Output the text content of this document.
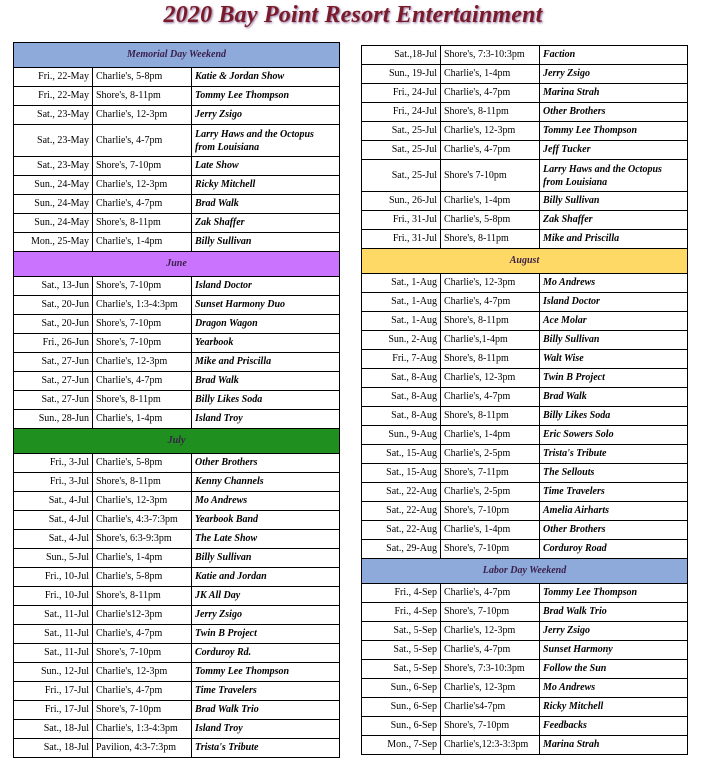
2020 Bay Point Resort Entertainment
Memorial Day Weekend		
Fri., 22-May	Charlie's, 5-8pm	Katie & Jordan Show
Fri., 22-May	Shore's, 8-11pm	Tommy Lee Thompson
Sat., 23-May	Charlie's, 12-3pm	Jerry Zsigo
Sat., 23-May	Charlie's, 4-7pm	Larry Haws and the Octopus from Louisiana
Sat., 23-May	Shore's, 7-10pm	Late Show
Sun., 24-May	Charlie's, 12-3pm	Ricky Mitchell
Sun., 24-May	Charlie's, 4-7pm	Brad Walk
Sun., 24-May	Shore's, 8-11pm	Zak Shaffer
Mon., 25-May	Charlie's, 1-4pm	Billy Sullivan
June		
Sat., 13-Jun	Shore's, 7-10pm	Island Doctor
Sat., 20-Jun	Charlie's, 1:3-4:3pm	Sunset Harmony Duo
Sat., 20-Jun	Shore's, 7-10pm	Dragon Wagon
Fri., 26-Jun	Shore's, 7-10pm	Yearbook
Sat., 27-Jun	Charlie's, 12-3pm	Mike and Priscilla
Sat., 27-Jun	Charlie's, 4-7pm	Brad Walk
Sat., 27-Jun	Shore's, 8-11pm	Billy Likes Soda
Sun., 28-Jun	Charlie's, 1-4pm	Island Troy
July		
Fri., 3-Jul	Charlie's, 5-8pm	Other Brothers
Fri., 3-Jul	Shore's, 8-11pm	Kenny Channels
Sat., 4-Jul	Charlie's, 12-3pm	Mo Andrews
Sat., 4-Jul	Charlie's, 4:3-7:3pm	Yearbook Band
Sat., 4-Jul	Shore's, 6:3-9:3pm	The Late Show
Sun., 5-Jul	Charlie's, 1-4pm	Billy Sullivan
Fri., 10-Jul	Charlie's, 5-8pm	Katie and Jordan
Fri., 10-Jul	Shore's, 8-11pm	JK All Day
Sat., 11-Jul	Charlie's12-3pm	Jerry Zsigo
Sat., 11-Jul	Charlie's, 4-7pm	Twin B Project
Sat., 11-Jul	Shore's, 7-10pm	Corduroy Rd.
Sun., 12-Jul	Charlie's, 12-3pm	Tommy Lee Thompson
Fri., 17-Jul	Charlie's, 4-7pm	Time Travelers
Fri., 17-Jul	Shore's, 7-10pm	Brad Walk Trio
Sat., 18-Jul	Charlie's, 1:3-4:3pm	Island Troy
Sat., 18-Jul	Pavilion, 4:3-7:3pm	Trista's Tribute
Sat.,18-Jul	Shore's, 7:3-10:3pm	Faction
Sun., 19-Jul	Charlie's, 1-4pm	Jerry Zsigo
Fri., 24-Jul	Charlie's, 4-7pm	Marina Strah
Fri., 24-Jul	Shore's, 8-11pm	Other Brothers
Sat., 25-Jul	Charlie's, 12-3pm	Tommy Lee Thompson
Sat., 25-Jul	Charlie's, 4-7pm	Jeff Tucker
Sat., 25-Jul	Shore's 7-10pm	Larry Haws and the Octopus from Louisiana
Sun., 26-Jul	Charlie's, 1-4pm	Billy Sullivan
Fri., 31-Jul	Charlie's, 5-8pm	Zak Shaffer
Fri., 31-Jul	Shore's, 8-11pm	Mike and Priscilla
August		
Sat., 1-Aug	Charlie's, 12-3pm	Mo Andrews
Sat., 1-Aug	Charlie's, 4-7pm	Island Doctor
Sat., 1-Aug	Shore's, 8-11pm	Ace Molar
Sun., 2-Aug	Charlie's,1-4pm	Billy Sullivan
Fri., 7-Aug	Shore's, 8-11pm	Walt Wise
Sat., 8-Aug	Charlie's, 12-3pm	Twin B Project
Sat., 8-Aug	Charlie's, 4-7pm	Brad Walk
Sat., 8-Aug	Shore's, 8-11pm	Billy Likes Soda
Sun., 9-Aug	Charlie's, 1-4pm	Eric Sowers Solo
Sat., 15-Aug	Charlie's, 2-5pm	Trista's Tribute
Sat., 15-Aug	Shore's, 7-11pm	The Sellouts
Sat., 22-Aug	Charlie's, 2-5pm	Time Travelers
Sat., 22-Aug	Shore's, 7-10pm	Amelia Airharts
Sat., 22-Aug	Charlie's, 1-4pm	Other Brothers
Sat., 29-Aug	Shore's, 7-10pm	Corduroy Road
Labor Day Weekend		
Fri., 4-Sep	Charlie's, 4-7pm	Tommy Lee Thompson
Fri., 4-Sep	Shore's, 7-10pm	Brad Walk Trio
Sat., 5-Sep	Charlie's, 12-3pm	Jerry Zsigo
Sat., 5-Sep	Charlie's, 4-7pm	Sunset Harmony
Sat., 5-Sep	Shore's, 7:3-10:3pm	Follow the Sun
Sun., 6-Sep	Charlie's, 12-3pm	Mo Andrews
Sun., 6-Sep	Charlie's4-7pm	Ricky Mitchell
Sun., 6-Sep	Shore's, 7-10pm	Feedbacks
Mon., 7-Sep	Charlie's,12:3-3:3pm	Marina Strah
